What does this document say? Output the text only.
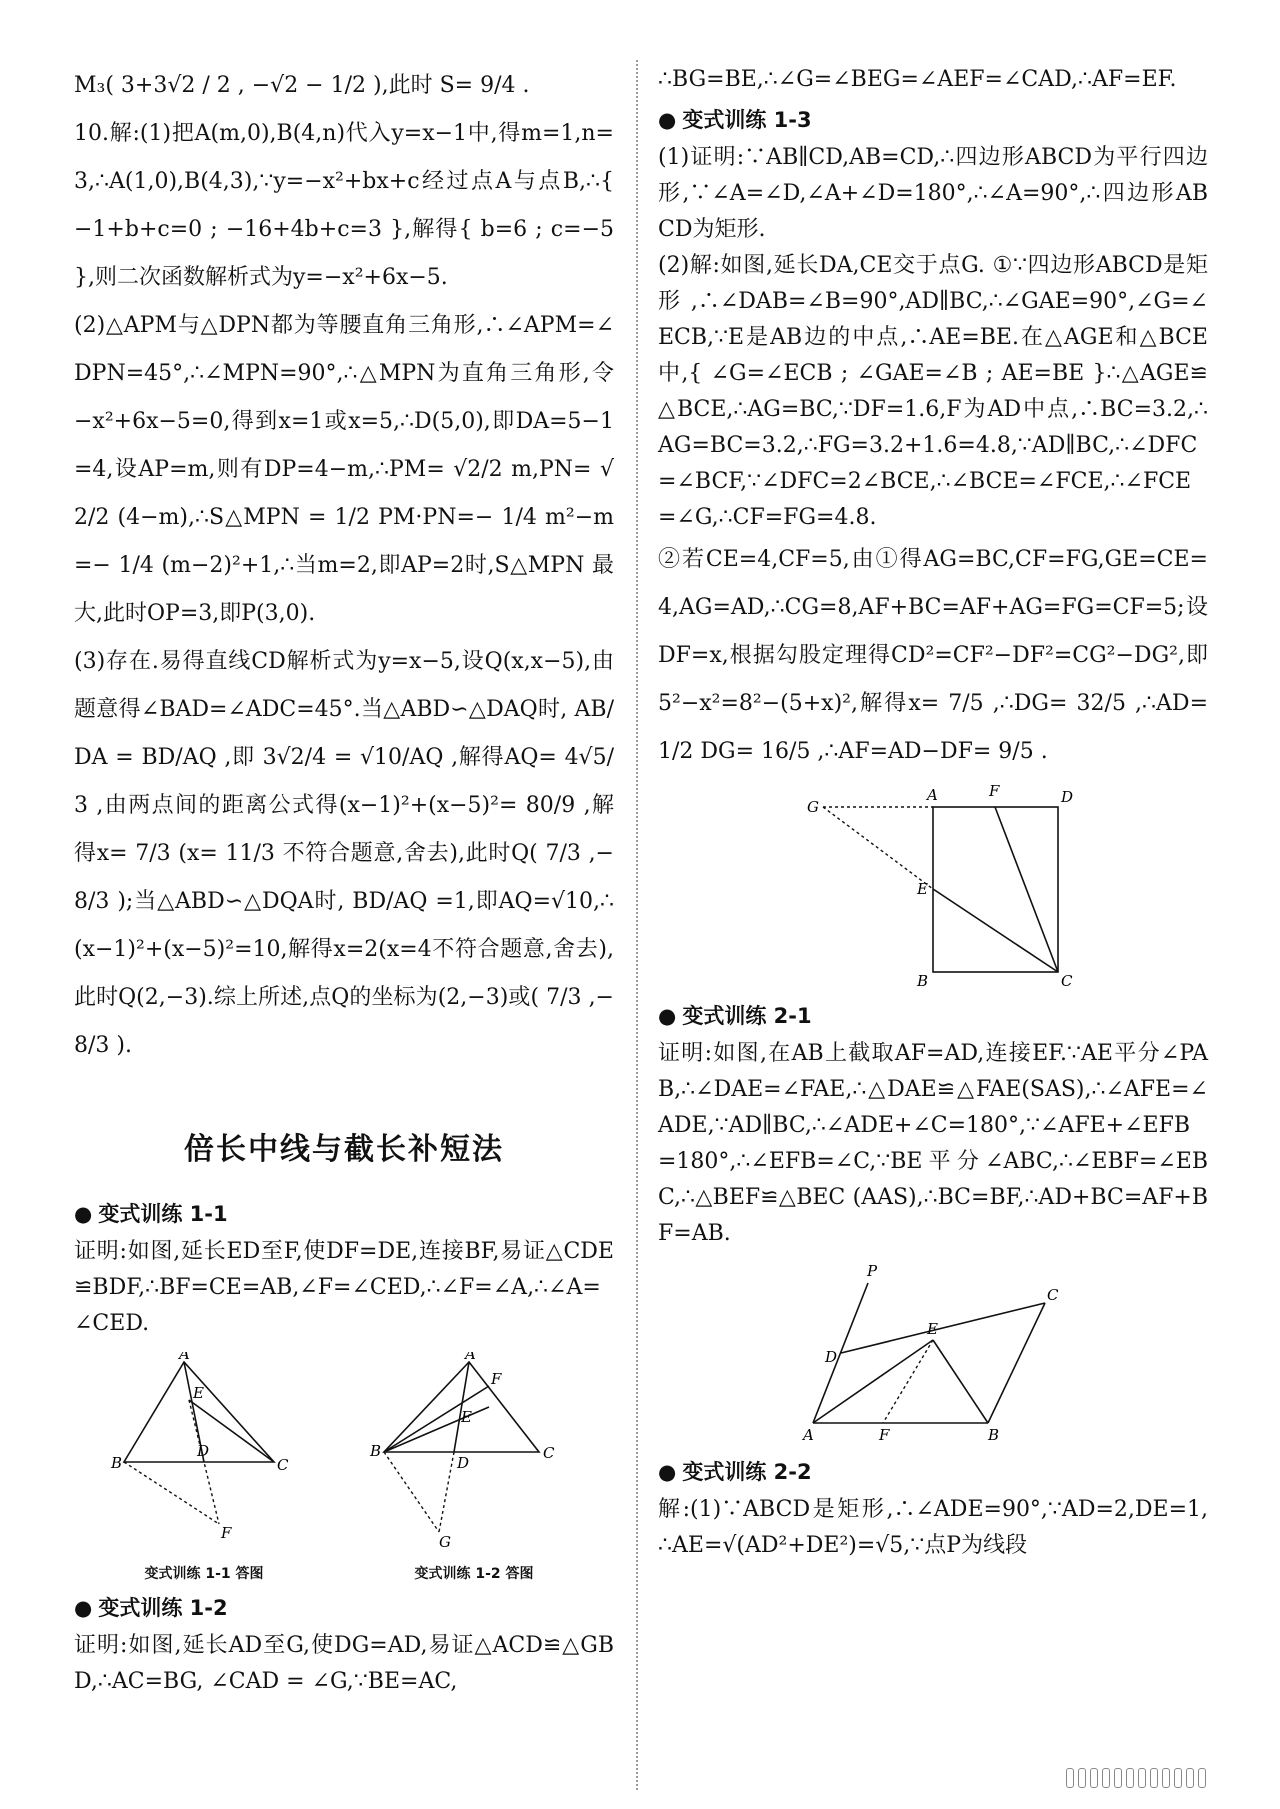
M₃( 3+3√2 / 2 , −√2 − 1/2 ),此时 S= 9/4 .

10.解:(1)把A(m,0),B(4,n)代入y=x−1中,得m=1,n=3,∴A(1,0),B(4,3),∵y=−x²+bx+c经过点A与点B,∴{ −1+b+c=0 ; −16+4b+c=3 },解得{ b=6 ; c=−5 },则二次函数解析式为y=−x²+6x−5.

(2)△APM与△DPN都为等腰直角三角形,∴∠APM=∠DPN=45°,∴∠MPN=90°,∴△MPN为直角三角形,令−x²+6x−5=0,得到x=1或x=5,∴D(5,0),即DA=5−1=4,设AP=m,则有DP=4−m,∴PM= √2/2 m,PN= √2/2 (4−m),∴S△MPN = 1/2 PM·PN=− 1/4 m²−m=− 1/4 (m−2)²+1,∴当m=2,即AP=2时,S△MPN 最大,此时OP=3,即P(3,0).

(3)存在.易得直线CD解析式为y=x−5,设Q(x,x−5),由题意得∠BAD=∠ADC=45°.当△ABD∽△DAQ时, AB/DA = BD/AQ ,即 3√2/4 = √10/AQ ,解得AQ= 4√5/3 ,由两点间的距离公式得(x−1)²+(x−5)²= 80/9 ,解得x= 7/3 (x= 11/3 不符合题意,舍去),此时Q( 7/3 ,− 8/3 );当△ABD∽△DQA时, BD/AQ =1,即AQ=√10,∴(x−1)²+(x−5)²=10,解得x=2(x=4不符合题意,舍去),此时Q(2,−3).综上所述,点Q的坐标为(2,−3)或( 7/3 ,− 8/3 ).

倍长中线与截长补短法
● 变式训练 1-1

证明:如图,延长ED至F,使DF=DE,连接BF,易证△CDE≌BDF,∴BF=CE=AB,∠F=∠CED,∴∠F=∠A,∴∠A=∠CED.

A
E
B
D
C
F
变式训练 1-1 答图
A
F
E
B
D
C
G
变式训练 1-2 答图
● 变式训练 1-2

证明:如图,延长AD至G,使DG=AD,易证△ACD≌△GBD,∴AC=BG, ∠CAD = ∠G,∵BE=AC,

∴BG=BE,∴∠G=∠BEG=∠AEF=∠CAD,∴AF=EF.

● 变式训练 1-3

(1)证明:∵AB∥CD,AB=CD,∴四边形ABCD为平行四边形,∵∠A=∠D,∠A+∠D=180°,∴∠A=90°,∴四边形ABCD为矩形.

(2)解:如图,延长DA,CE交于点G. ①∵四边形ABCD是矩形,∴∠DAB=∠B=90°,AD∥BC,∴∠GAE=90°,∠G=∠ECB,∵E是AB边的中点,∴AE=BE.在△AGE和△BCE中,{ ∠G=∠ECB ; ∠GAE=∠B ; AE=BE }∴△AGE≌△BCE,∴AG=BC,∵DF=1.6,F为AD中点,∴BC=3.2,∴AG=BC=3.2,∴FG=3.2+1.6=4.8,∵AD∥BC,∴∠DFC=∠BCF,∵∠DFC=2∠BCE,∴∠BCE=∠FCE,∴∠FCE=∠G,∴CF=FG=4.8.

②若CE=4,CF=5,由①得AG=BC,CF=FG,GE=CE=4,AG=AD,∴CG=8,AF+BC=AF+AG=FG=CF=5;设DF=x,根据勾股定理得CD²=CF²−DF²=CG²−DG²,即5²−x²=8²−(5+x)²,解得x= 7/5 ,∴DG= 32/5 ,∴AD= 1/2 DG= 16/5 ,∴AF=AD−DF= 9/5 .

G
A	F	D
E
B	C
● 变式训练 2-1

证明:如图,在AB上截取AF=AD,连接EF.∵AE平分∠PAB,∴∠DAE=∠FAE,∴△DAE≌△FAE(SAS),∴∠AFE=∠ADE,∵AD∥BC,∴∠ADE+∠C=180°,∵∠AFE+∠EFB=180°,∴∠EFB=∠C,∵BE平分∠ABC,∴∠EBF=∠EBC,∴△BEF≌△BEC (AAS),∴BC=BF,∴AD+BC=AF+BF=AB.

P
C
E
D
A	F	B
● 变式训练 2-2

解:(1)∵ABCD是矩形,∴∠ADE=90°,∵AD=2,DE=1,∴AE=√(AD²+DE²)=√5,∵点P为线段
